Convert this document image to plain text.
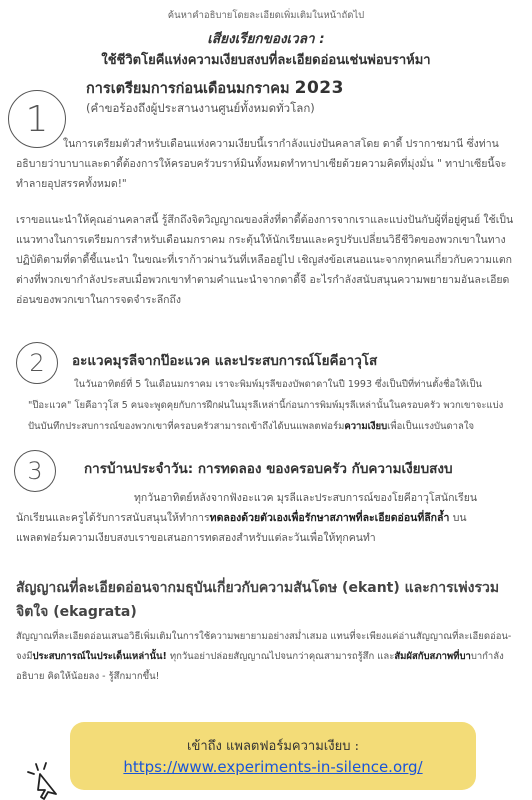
ค้นหาคำอธิบายโดยละเอียดเพิ่มเติมในหน้าถัดไป
เสียงเรียกของเวลา :
ใช้ชีวิตโยคีแห่งความเงียบสงบที่ละเอียดอ่อนเช่นพ่อบราห์มา
1
การเตรียมการก่อนเดือนมกราคม 2023
(คำขอร้องถึงผู้ประสานงานศูนย์ทั้งหมดทั่วโลก)
ในการเตรียมตัวสำหรับเดือนแห่งความเงียบนี้เรากำลังแบ่งปันคลาสโดย ดาดี้ ปรากาชมานี ซึ่งท่านอธิบายว่าบาบาและดาดี้ต้องการให้ครอบครัวบราห์มินทั้งหมดทำทาปาเซียด้วยความคิดที่มุ่งมั่น " ทาปาเซียนี้จะทำลายอุปสรรคทั้งหมด!"
เราขอแนะนำให้คุณอ่านคลาสนี้ รู้สึกถึงจิตวิญญาณของสิ่งที่ดาดี้ต้องการจากเราและแบ่งปันกับผู้ที่อยู่ศูนย์ ใช้เป็นแนวทางในการเตรียมการสำหรับเดือนมกราคม กระตุ้นให้นักเรียนและครูปรับเปลี่ยนวิธีชีวิตของพวกเขาในทางปฏิบัติตามที่ดาดี้ชี้แนะนำ ในขณะที่เราก้าวผ่านวันที่เหลืออยู่ไป เชิญส่งข้อเสนอแนะจากทุกคนเกี่ยวกับความแตกต่างที่พวกเขากำลังประสบเมื่อพวกเขาทำตามคำแนะนำจากดาดี้จี อะไรกำลังสนับสนุนความพยายามอันละเอียดอ่อนของพวกเขาในการจดจำระลึกถึง
2	อะแวคมุรลีจากป๊อะแวค และประสบการณ์โยคีอาวุโส
ในวันอาทิตย์ที่ 5 ในเดือนมกราคม เราจะพิมพ์มุรลีของบัพดาดาในปี 1993 ซึ่งเป็นปีที่ท่านตั้งชื่อให้เป็น "ป๊อะแวค" โยคีอาวุโส 5 คนจะพูดคุยกับการฝึกฝนในมุรลีเหล่านี้ก่อนการพิมพ์มุรลีเหล่านั้นในครอบครัว พวกเขาจะแบ่งปันบันทึกประสบการณ์ของพวกเขาที่ครอบครัวสามารถเข้าถึงได้บนแพลตฟอร์มความเงียบเพื่อเป็นแรงบันดาลใจ
3	การบ้านประจำวัน: การทดลอง ของครอบครัว กับความเงียบสงบ
ทุกวันอาทิตย์หลังจากฟังอะแวค มุรลีและประสบการณ์ของโยคีอาวุโสนักเรียน นักเรียนและครูได้รับการสนับสนุนให้ทำการทดลองด้วยตัวเองเพื่อรักษาสภาพที่ละเอียดอ่อนที่ลึกล้ำ บนแพลตฟอร์มความเงียบสงบเราขอเสนอการทดสองสำหรับแต่ละวันเพื่อให้ทุกคนทำ
สัญญาณที่ละเอียดอ่อนจากมธุบันเกี่ยวกับความสันโดษ (ekant) และการเพ่งรวมจิตใจ (ekagrata)
สัญญาณที่ละเอียดอ่อนเสนอวิธีเพิ่มเติมในการใช้ความพยายามอย่างสม่ำเสมอ แทนที่จะเพียงแค่อ่านสัญญาณที่ละเอียดอ่อน- จงมีประสบการณ์ในประเด็นเหล่านั้น! ทุกวันอย่าปล่อยสัญญาณไปจนกว่าคุณสามารถรู้สึก และสัมผัสกับสภาพที่บาบากำลังอธิบาย คิดให้น้อยลง - รู้สึกมากขึ้น!
เข้าถึง แพลตฟอร์มความเงียบ :
https://www.experiments-in-silence.org/
